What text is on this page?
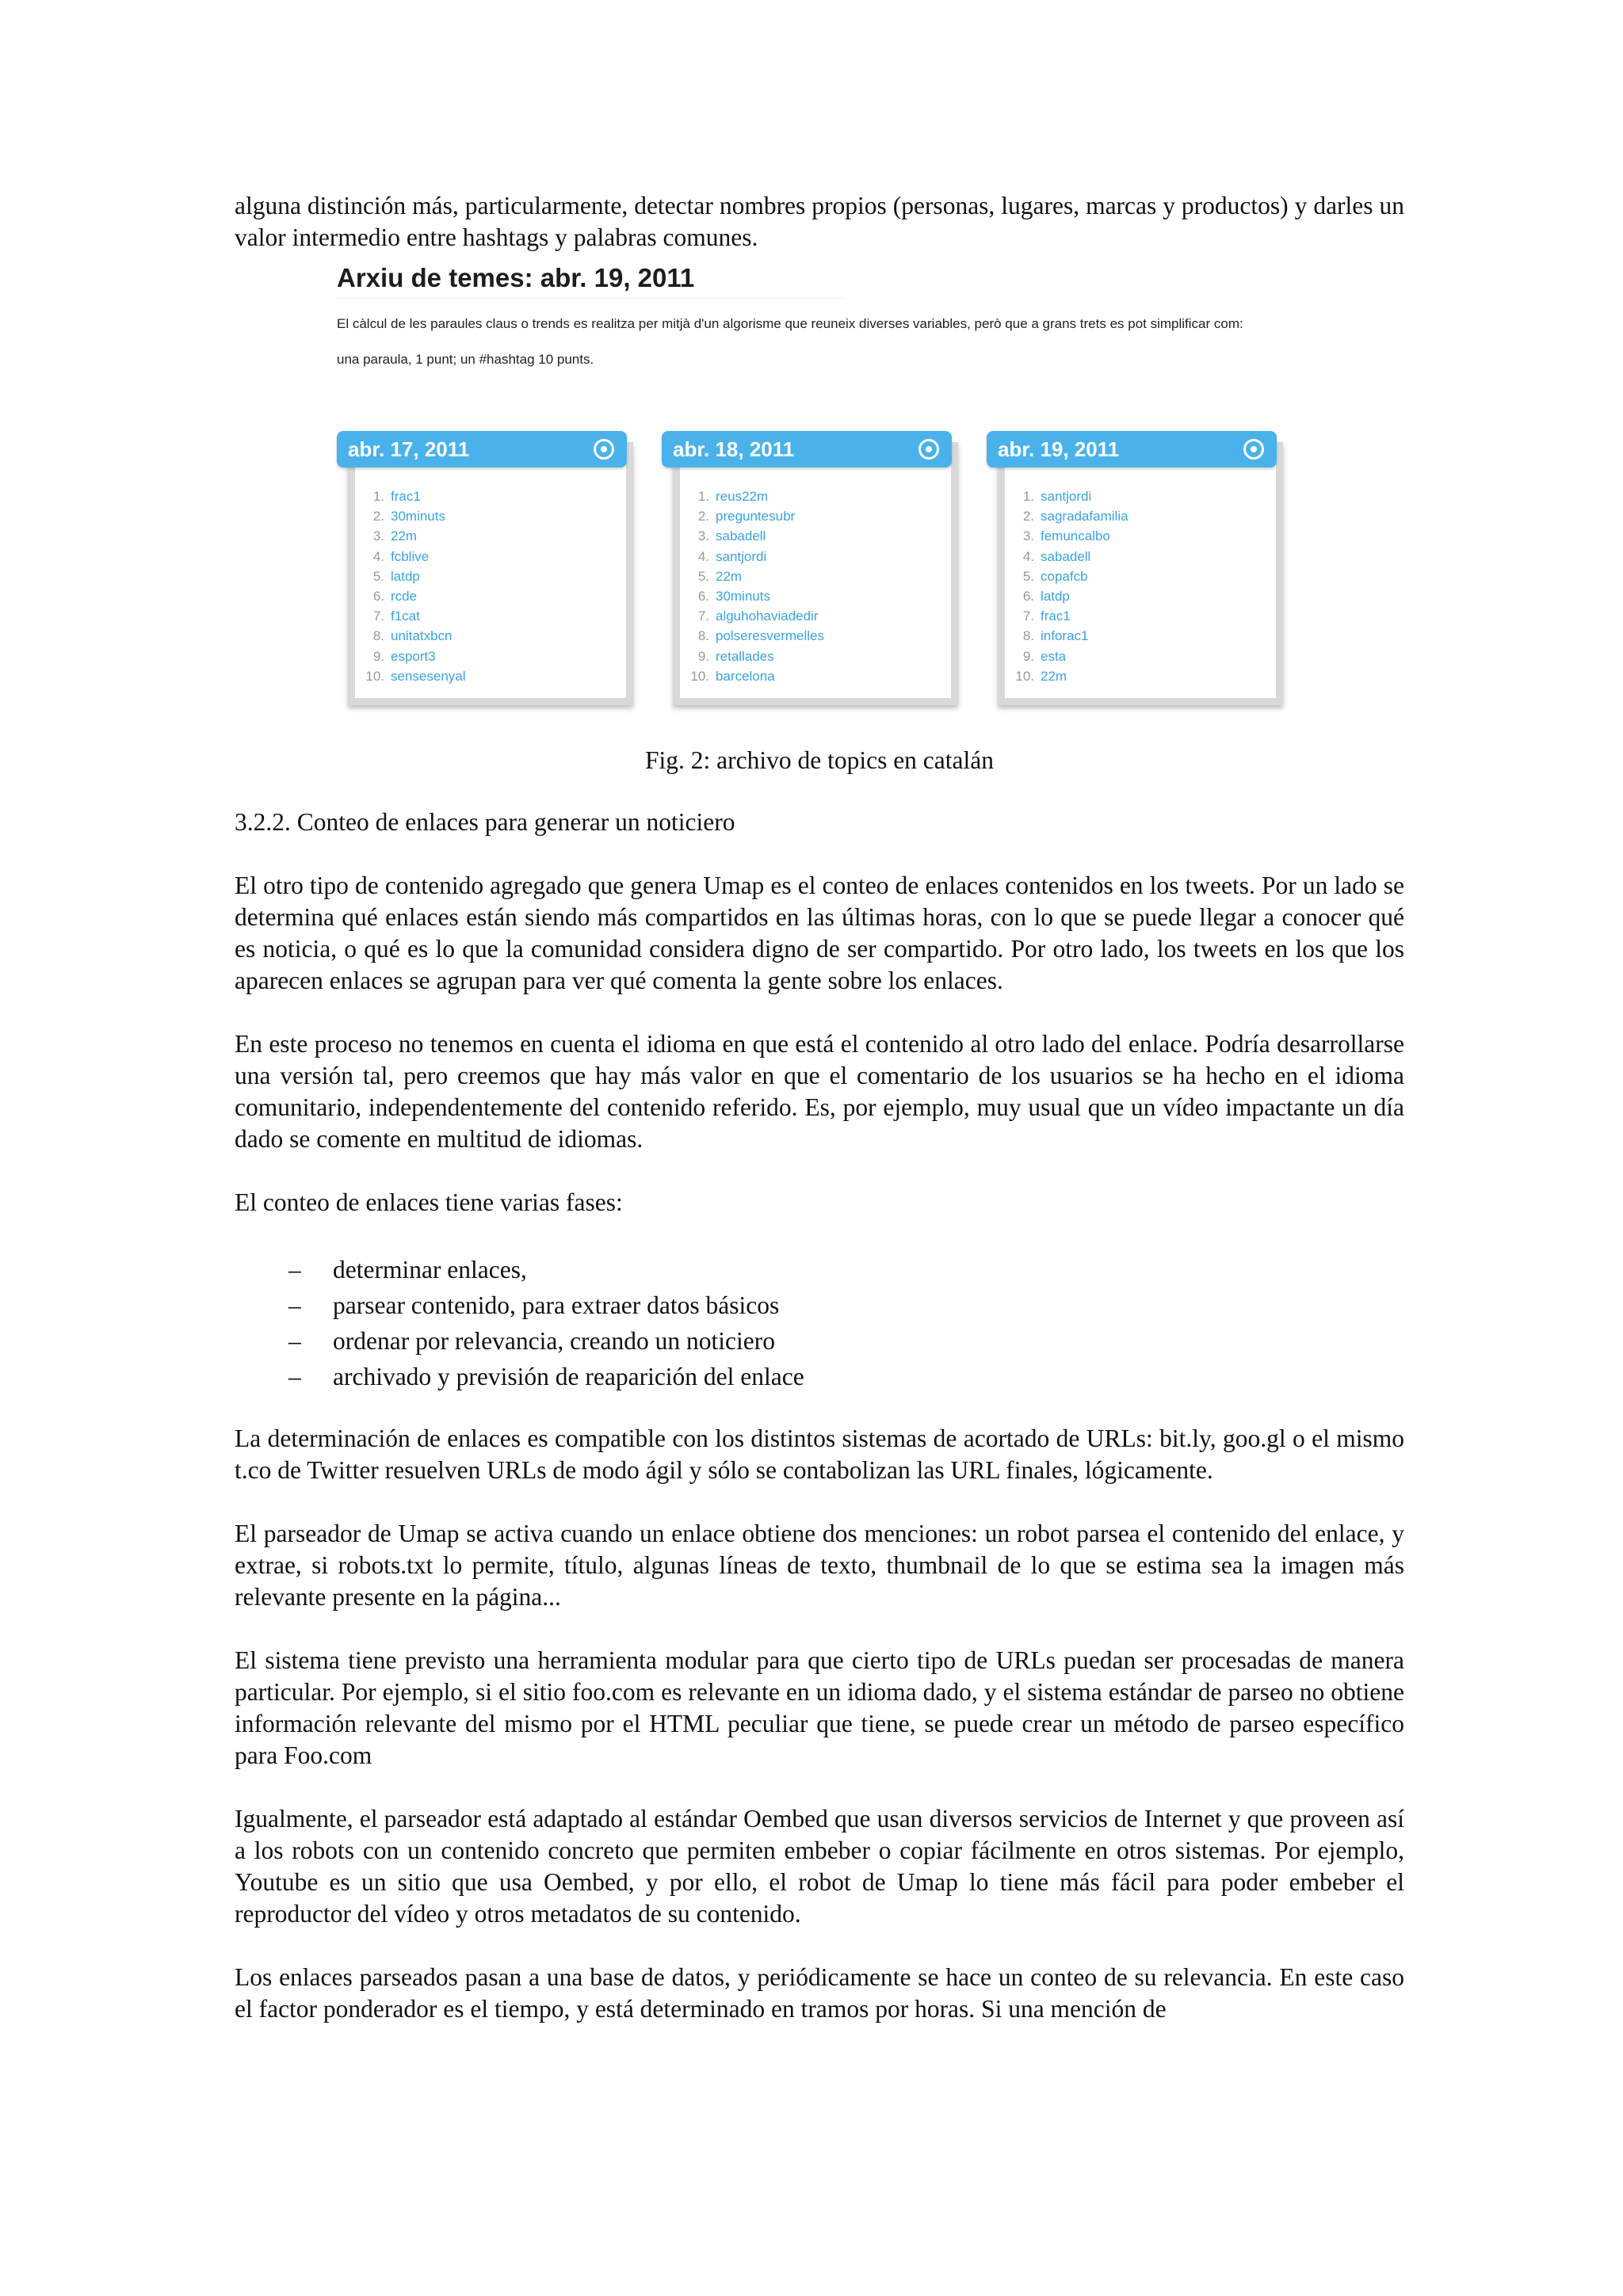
alguna distinción más, particularmente, detectar nombres propios (personas, lugares, marcas y productos) y darles un valor intermedio entre hashtags y palabras comunes.

Arxiu de temes: abr. 19, 2011

El càlcul de les paraules claus o trends es realitza per mitjà d'un algorisme que reuneix diverses variables, però que a grans trets es pot simplificar com:

una paraula, 1 punt; un #hashtag 10 punts.

abr. 17, 2011
1. frac1
2. 30minuts
3. 22m
4. fcblive
5. latdp
6. rcde
7. f1cat
8. unitatxbcn
9. esport3
10. sensesenyal
abr. 18, 2011
1. reus22m
2. preguntesubr
3. sabadell
4. santjordi
5. 22m
6. 30minuts
7. alguhohaviadedir
8. polseresvermelles
9. retallades
10. barcelona
abr. 19, 2011
1. santjordi
2. sagradafamilia
3. femuncalbo
4. sabadell
5. copafcb
6. latdp
7. frac1
8. inforac1
9. esta
10. 22m

Fig. 2: archivo de topics en catalán

3.2.2. Conteo de enlaces para generar un noticiero

El otro tipo de contenido agregado que genera Umap es el conteo de enlaces contenidos en los tweets. Por un lado se determina qué enlaces están siendo más compartidos en las últimas horas, con lo que se puede llegar a conocer qué es noticia, o qué es lo que la comunidad considera digno de ser compartido. Por otro lado, los tweets en los que los aparecen enlaces se agrupan para ver qué comenta la gente sobre los enlaces.

En este proceso no tenemos en cuenta el idioma en que está el contenido al otro lado del enlace. Podría desarrollarse una versión tal, pero creemos que hay más valor en que el comentario de los usuarios se ha hecho en el idioma comunitario, independentemente del contenido referido. Es, por ejemplo, muy usual que un vídeo impactante un día dado se comente en multitud de idiomas.

El conteo de enlaces tiene varias fases:

– determinar enlaces,
– parsear contenido, para extraer datos básicos
– ordenar por relevancia, creando un noticiero
– archivado y previsión de reaparición del enlace

La determinación de enlaces es compatible con los distintos sistemas de acortado de URLs: bit.ly, goo.gl o el mismo t.co de Twitter resuelven URLs de modo ágil y sólo se contabolizan las URL finales, lógicamente.

El parseador de Umap se activa cuando un enlace obtiene dos menciones: un robot parsea el contenido del enlace, y extrae, si robots.txt lo permite, título, algunas líneas de texto, thumbnail de lo que se estima sea la imagen más relevante presente en la página...

El sistema tiene previsto una herramienta modular para que cierto tipo de URLs puedan ser procesadas de manera particular. Por ejemplo, si el sitio foo.com es relevante en un idioma dado, y el sistema estándar de parseo no obtiene información relevante del mismo por el HTML peculiar que tiene, se puede crear un método de parseo específico para Foo.com

Igualmente, el parseador está adaptado al estándar Oembed que usan diversos servicios de Internet y que proveen así a los robots con un contenido concreto que permiten embeber o copiar fácilmente en otros sistemas. Por ejemplo, Youtube es un sitio que usa Oembed, y por ello, el robot de Umap lo tiene más fácil para poder embeber el reproductor del vídeo y otros metadatos de su contenido.

Los enlaces parseados pasan a una base de datos, y periódicamente se hace un conteo de su relevancia. En este caso el factor ponderador es el tiempo, y está determinado en tramos por horas. Si una mención de
